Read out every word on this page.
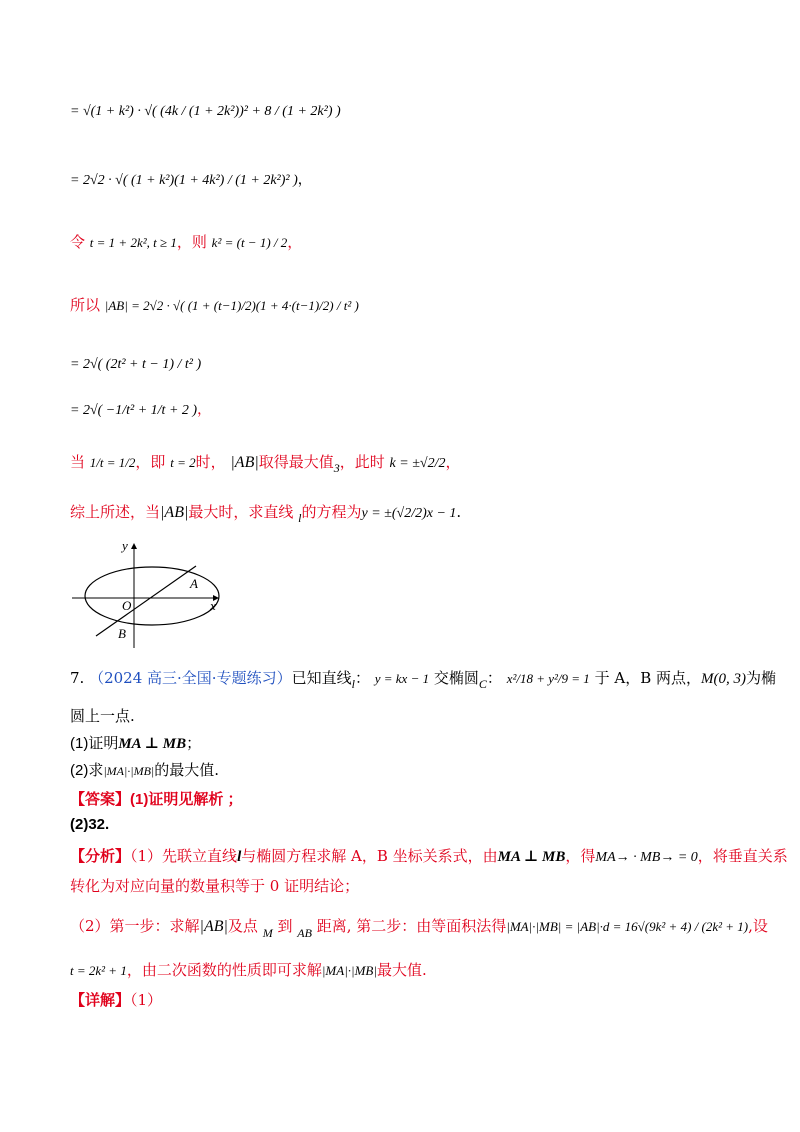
= √(1 + k²) · √( (4k / (1 + 2k²))² + 8 / (1 + 2k²) )
= 2√2 · √( (1 + k²)(1 + 4k²) / (1 + 2k²)² )，
令 t = 1 + 2k², t ≥ 1，则 k² = (t − 1) / 2，
所以 |AB| = 2√2 · √( (1 + (t−1)/2)(1 + 4·(t−1)/2) / t² )
= 2√( (2t² + t − 1) / t² )
= 2√( −1/t² + 1/t + 2 )，
当 1/t = 1/2，即 t = 2时， |AB|取得最大值$_3$，此时 k = ±√2/2，
综上所述，当|AB|最大时，求直线 $_l$的方程为y = ±(√2/2)x − 1.
y
x
O
A
B
7. （2024 高三·全国·专题练习）已知直线$_l$： y = kx − 1 交椭圆$_C$： x²/18 + y²/9 = 1 于 A，B 两点，M(0, 3)为椭
圆上一点.
(1)证明MA ⊥ MB；
(2)求|MA|·|MB|的最大值.
【答案】(1)证明见解析 ；
(2)32.
【分析】（1）先联立直线l与椭圆方程求解 A，B 坐标关系式，由MA ⊥ MB，得MA→ · MB→ = 0，将垂直关系
转化为对应向量的数量积等于 0 证明结论；
（2）第一步：求解|AB|及点 $_M$ 到 $_{AB}$ 距离, 第二步：由等面积法得|MA|·|MB| = |AB|·d = 16√(9k² + 4) / (2k² + 1),设
t = 2k² + 1，由二次函数的性质即可求解|MA|·|MB|最大值.
【详解】（1）
